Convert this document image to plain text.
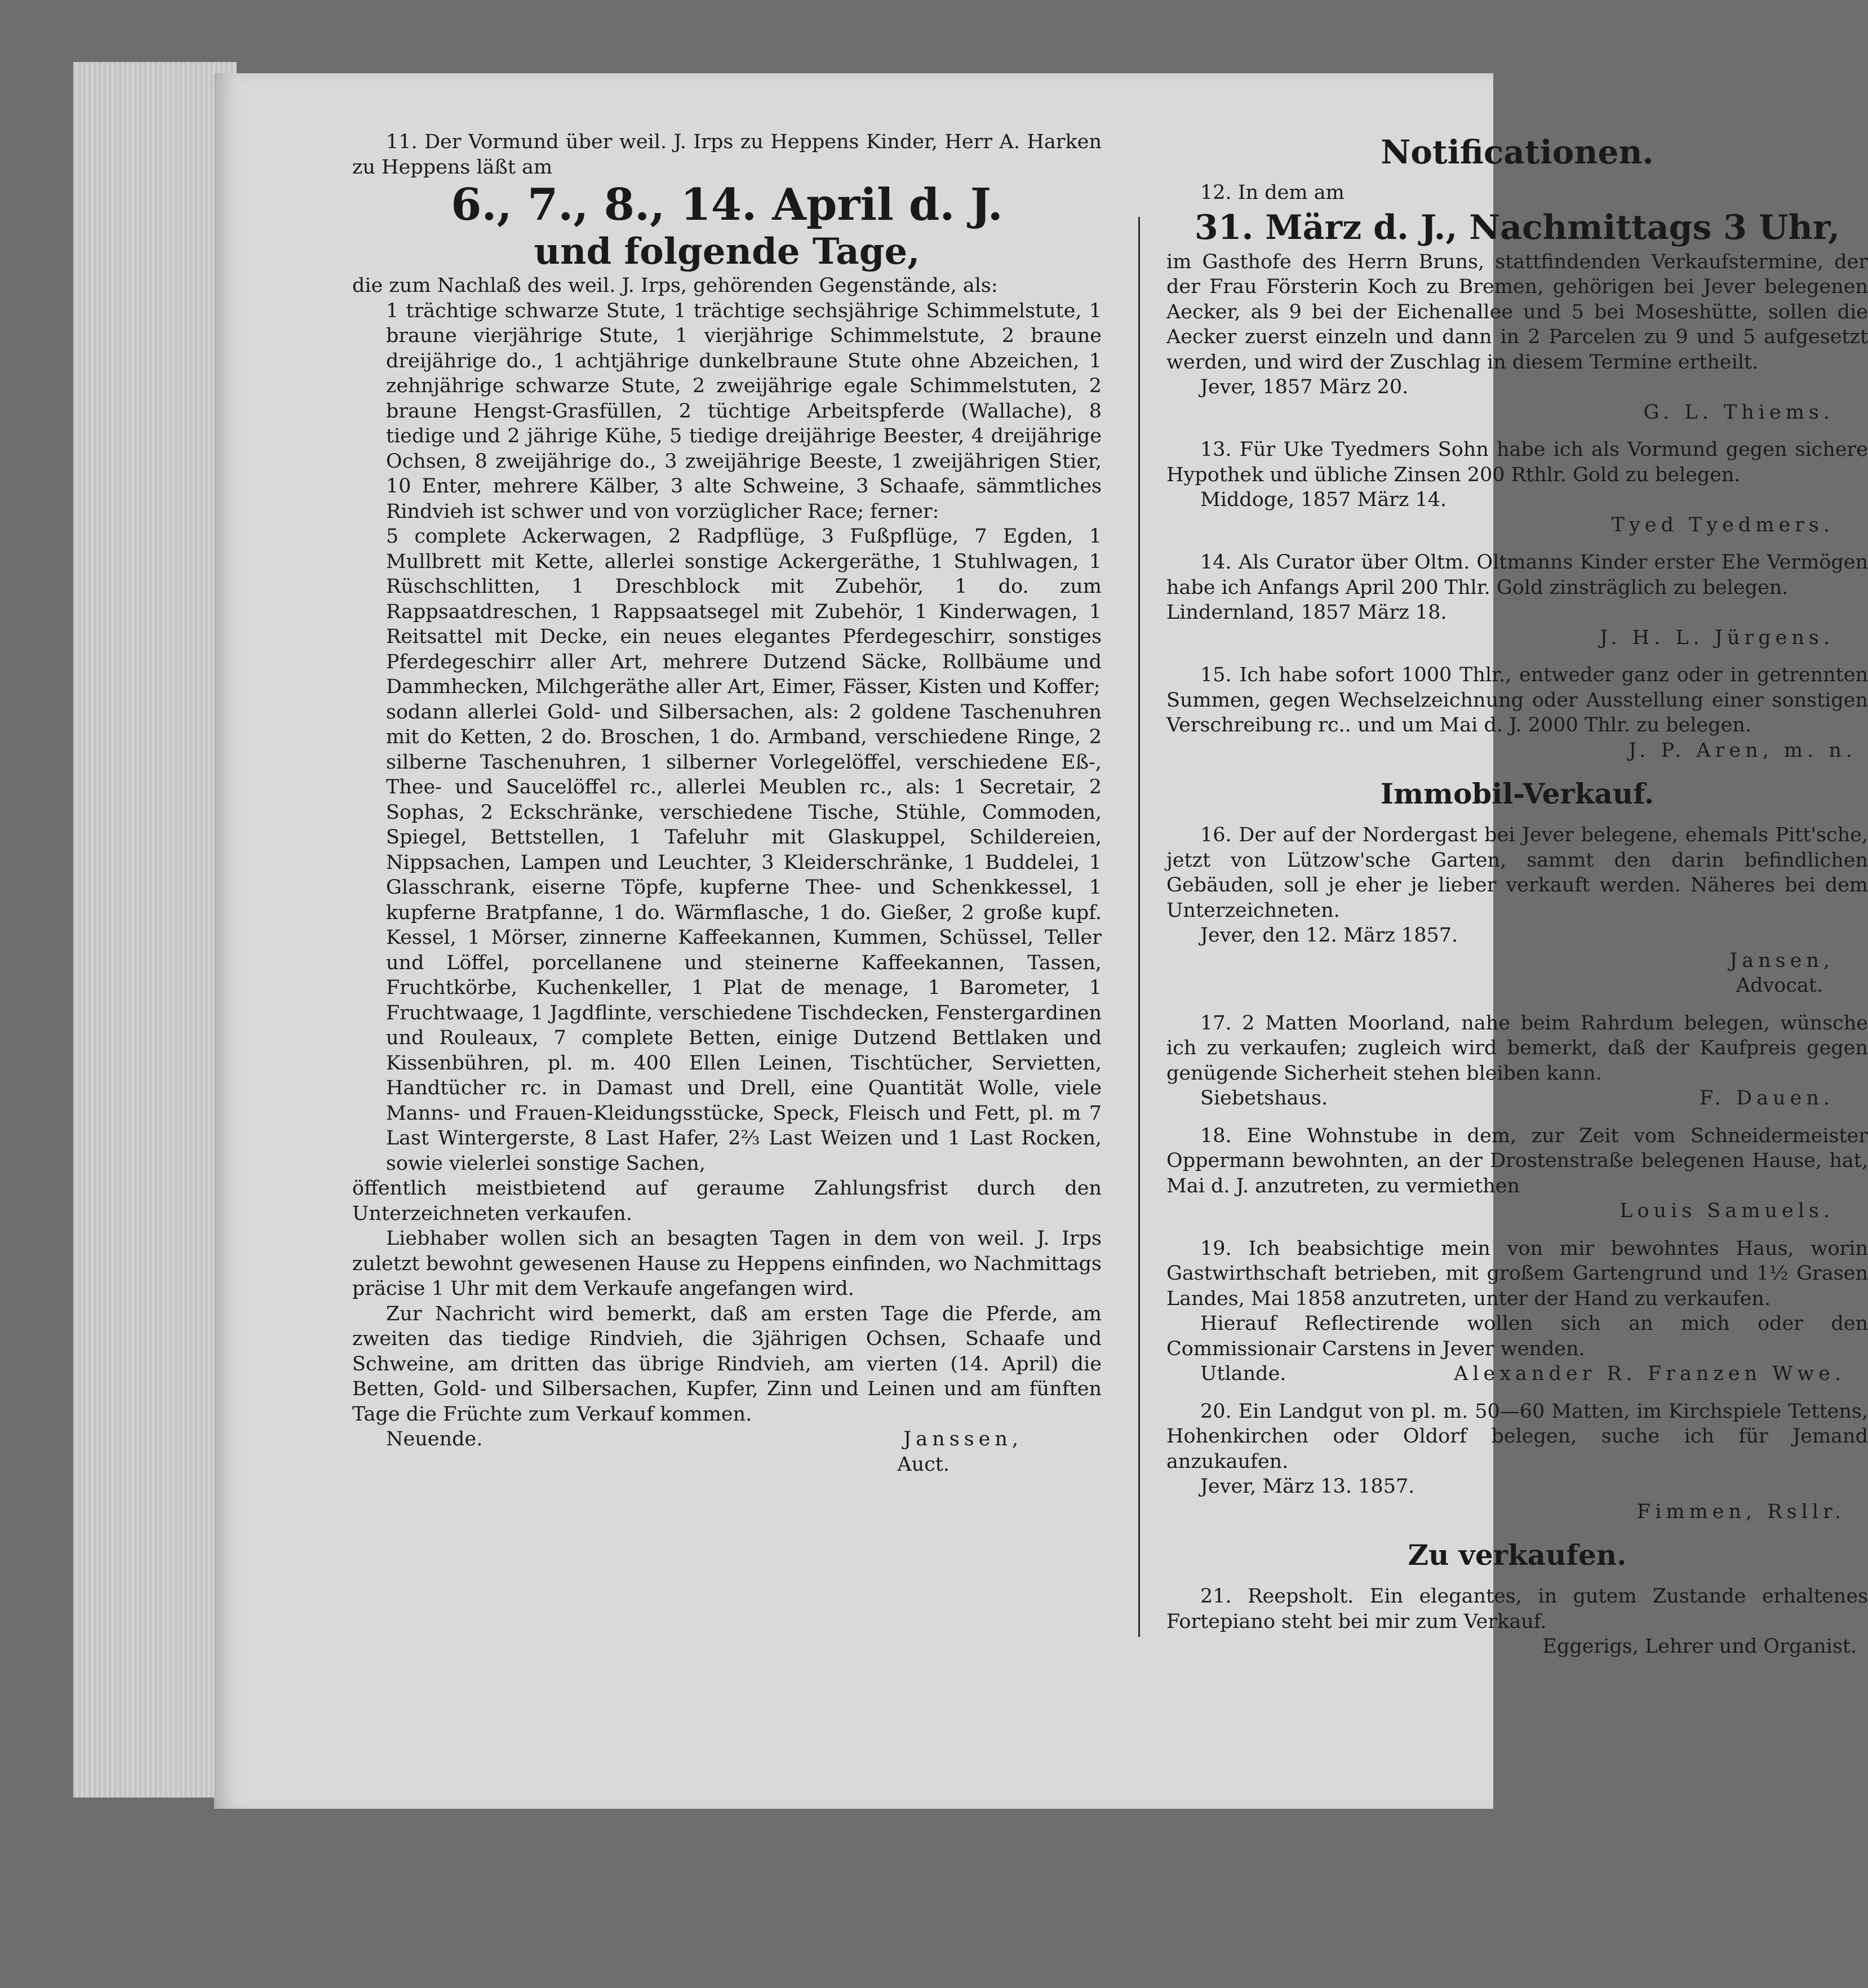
11. Der Vormund über weil. J. Irps zu Heppens Kinder, Herr A. Harken zu Heppens läßt am

6., 7., 8., 14. April d. J.
und folgende Tage,

die zum Nachlaß des weil. J. Irps, gehörenden Gegenstände, als:

1 trächtige schwarze Stute, 1 trächtige sechsjährige Schimmelstute, 1 braune vierjährige Stute, 1 vierjährige Schimmelstute, 2 braune dreijährige do., 1 achtjährige dunkelbraune Stute ohne Abzeichen, 1 zehnjährige schwarze Stute, 2 zweijährige egale Schimmelstuten, 2 braune Hengst-Grasfüllen, 2 tüchtige Arbeitspferde (Wallache), 8 tiedige und 2 jährige Kühe, 5 tiedige dreijährige Beester, 4 dreijährige Ochsen, 8 zweijährige do., 3 zweijährige Beeste, 1 zweijährigen Stier, 10 Enter, mehrere Kälber, 3 alte Schweine, 3 Schaafe, sämmtliches Rindvieh ist schwer und von vorzüglicher Race; ferner:

5 complete Ackerwagen, 2 Radpflüge, 3 Fußpflüge, 7 Egden, 1 Mullbrett mit Kette, allerlei sonstige Ackergeräthe, 1 Stuhlwagen, 1 Rüschschlitten, 1 Dreschblock mit Zubehör, 1 do. zum Rappsaatdreschen, 1 Rappsaatsegel mit Zubehör, 1 Kinderwagen, 1 Reitsattel mit Decke, ein neues elegantes Pferdegeschirr, sonstiges Pferdegeschirr aller Art, mehrere Dutzend Säcke, Rollbäume und Dammhecken, Milchgeräthe aller Art, Eimer, Fässer, Kisten und Koffer;

sodann allerlei Gold- und Silbersachen, als: 2 goldene Taschenuhren mit do Ketten, 2 do. Broschen, 1 do. Armband, verschiedene Ringe, 2 silberne Taschenuhren, 1 silberner Vorlegelöffel, verschiedene Eß-, Thee- und Saucelöffel rc., allerlei Meublen rc., als: 1 Secretair, 2 Sophas, 2 Eckschränke, verschiedene Tische, Stühle, Commoden, Spiegel, Bettstellen, 1 Tafeluhr mit Glaskuppel, Schildereien, Nippsachen, Lampen und Leuchter, 3 Kleiderschränke, 1 Buddelei, 1 Glasschrank, eiserne Töpfe, kupferne Thee- und Schenkkessel, 1 kupferne Bratpfanne, 1 do. Wärmflasche, 1 do. Gießer, 2 große kupf. Kessel, 1 Mörser, zinnerne Kaffeekannen, Kummen, Schüssel, Teller und Löffel, porcellanene und steinerne Kaffeekannen, Tassen, Fruchtkörbe, Kuchenkeller, 1 Plat de menage, 1 Barometer, 1 Fruchtwaage, 1 Jagdflinte, verschiedene Tischdecken, Fenstergardinen und Rouleaux, 7 complete Betten, einige Dutzend Bettlaken und Kissenbühren, pl. m. 400 Ellen Leinen, Tischtücher, Servietten, Handtücher rc. in Damast und Drell, eine Quantität Wolle, viele Manns- und Frauen-Kleidungsstücke, Speck, Fleisch und Fett, pl. m 7 Last Wintergerste, 8 Last Hafer, 2⅔ Last Weizen und 1 Last Rocken, sowie vielerlei sonstige Sachen,

öffentlich meistbietend auf geraume Zahlungsfrist durch den Unterzeichneten verkaufen.

Liebhaber wollen sich an besagten Tagen in dem von weil. J. Irps zuletzt bewohnt gewesenen Hause zu Heppens einfinden, wo Nachmittags präcise 1 Uhr mit dem Verkaufe angefangen wird.

Zur Nachricht wird bemerkt, daß am ersten Tage die Pferde, am zweiten das tiedige Rindvieh, die 3jährigen Ochsen, Schaafe und Schweine, am dritten das übrige Rindvieh, am vierten (14. April) die Betten, Gold- und Silbersachen, Kupfer, Zinn und Leinen und am fünften Tage die Früchte zum Verkauf kommen.

Neuende.	Janssen,
Auct.
Notificationen.

12. In dem am

31. März d. J., Nachmittags 3 Uhr,

im Gasthofe des Herrn Bruns, stattfindenden Verkaufstermine, der der Frau Försterin Koch zu Bremen, gehörigen bei Jever belegenen Aecker, als 9 bei der Eichenallee und 5 bei Moseshütte, sollen die Aecker zuerst einzeln und dann in 2 Parcelen zu 9 und 5 aufgesetzt werden, und wird der Zuschlag in diesem Termine ertheilt.

Jever, 1857 März 20.

G. L. Thiems.

13. Für Uke Tyedmers Sohn habe ich als Vormund gegen sichere Hypothek und übliche Zinsen 200 Rthlr. Gold zu belegen.

Middoge, 1857 März 14.

Tyed Tyedmers.

14. Als Curator über Oltm. Oltmanns Kinder erster Ehe Vermögen habe ich Anfangs April 200 Thlr. Gold zinsträglich zu belegen.

Lindernland, 1857 März 18.

J. H. L. Jürgens.

15. Ich habe sofort 1000 Thlr., entweder ganz oder in getrennten Summen, gegen Wechselzeichnung oder Ausstellung einer sonstigen Verschreibung rc.. und um Mai d. J. 2000 Thlr. zu belegen.

J. P. Aren, m. n.
Immobil-Verkauf.

16. Der auf der Nordergast bei Jever belegene, ehemals Pitt'sche, jetzt von Lützow'sche Garten, sammt den darin befindlichen Gebäuden, soll je eher je lieber verkauft werden. Näheres bei dem Unterzeichneten.

Jever, den 12. März 1857.

Jansen,
Advocat.

17. 2 Matten Moorland, nahe beim Rahrdum belegen, wünsche ich zu verkaufen; zugleich wird bemerkt, daß der Kaufpreis gegen genügende Sicherheit stehen bleiben kann.

Siebetshaus.	F. Dauen.

18. Eine Wohnstube in dem, zur Zeit vom Schneidermeister Oppermann bewohnten, an der Drostenstraße belegenen Hause, hat, Mai d. J. anzutreten, zu vermiethen

Louis Samuels.

19. Ich beabsichtige mein von mir bewohntes Haus, worin Gastwirthschaft betrieben, mit großem Gartengrund und 1½ Grasen Landes, Mai 1858 anzutreten, unter der Hand zu verkaufen.

Hierauf Reflectirende wollen sich an mich oder den Commissionair Carstens in Jever wenden.

Utlande.	Alexander R. Franzen Wwe.

20. Ein Landgut von pl. m. 50—60 Matten, im Kirchspiele Tettens, Hohenkirchen oder Oldorf belegen, suche ich für Jemand anzukaufen.

Jever, März 13. 1857.

Fimmen, Rsllr.
Zu verkaufen.

21. Reepsholt. Ein elegantes, in gutem Zustande erhaltenes Fortepiano steht bei mir zum Verkauf.

Eggerigs, Lehrer und Organist.
